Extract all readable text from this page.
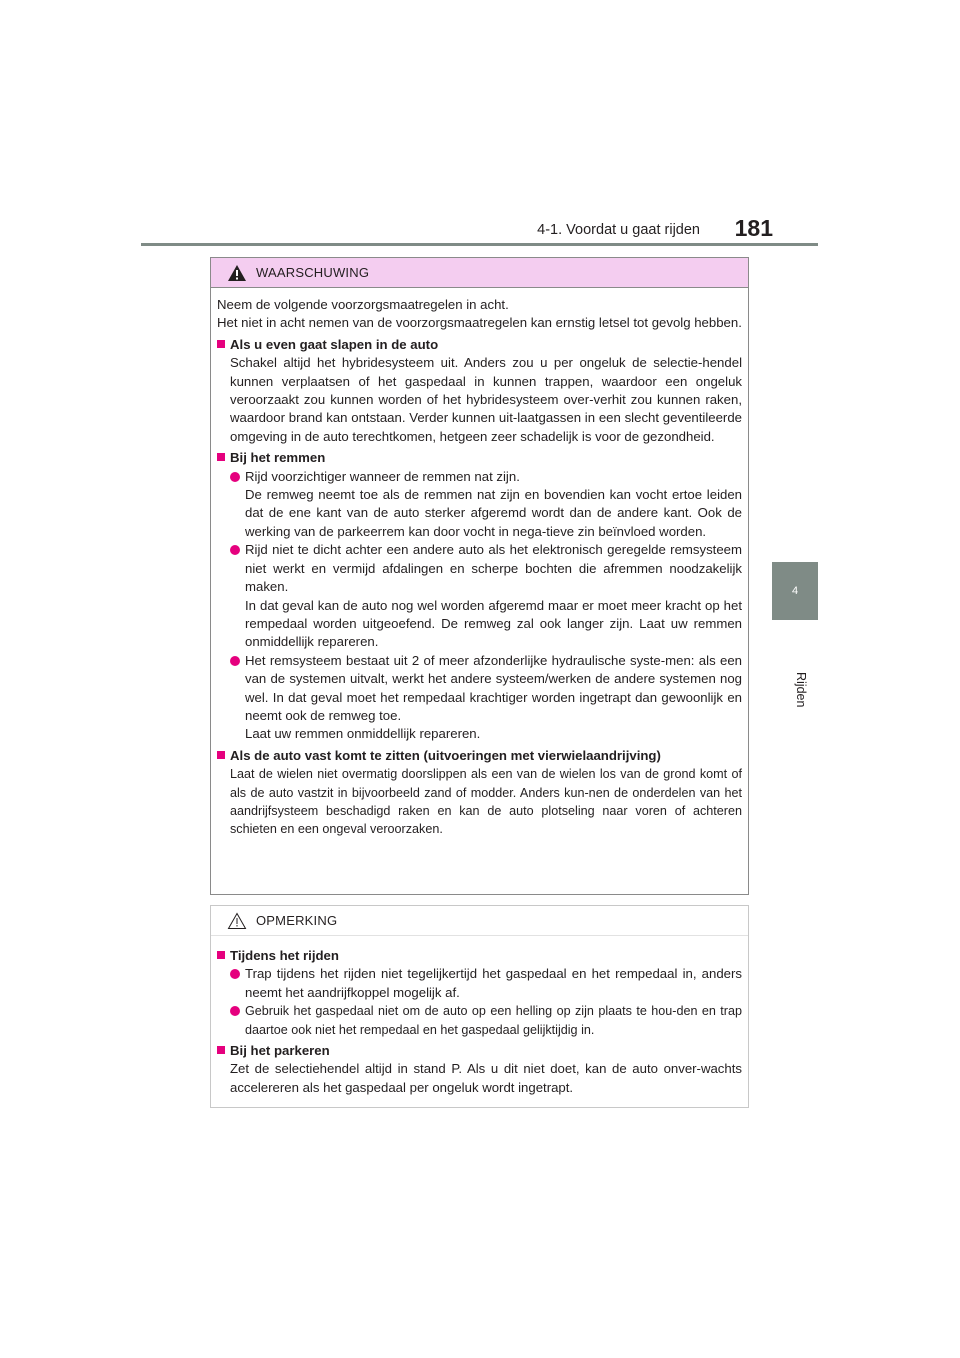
4-1. Voordat u gaat rijden	181
4
Rijden
WAARSCHUWING

Neem de volgende voorzorgsmaatregelen in acht.
Het niet in acht nemen van de voorzorgsmaatregelen kan ernstig letsel tot gevolg hebben.

Als u even gaat slapen in de auto

Schakel altijd het hybridesysteem uit. Anders zou u per ongeluk de selectie-hendel kunnen verplaatsen of het gaspedaal in kunnen trappen, waardoor een ongeluk veroorzaakt zou kunnen worden of het hybridesysteem over-verhit zou kunnen raken, waardoor brand kan ontstaan. Verder kunnen uit-laatgassen in een slecht geventileerde omgeving in de auto terechtkomen, hetgeen zeer schadelijk is voor de gezondheid.

Bij het remmen

Rijd voorzichtiger wanneer de remmen nat zijn.

De remweg neemt toe als de remmen nat zijn en bovendien kan vocht ertoe leiden dat de ene kant van de auto sterker afgeremd wordt dan de andere kant. Ook de werking van de parkeerrem kan door vocht in nega-tieve zin beïnvloed worden.

Rijd niet te dicht achter een andere auto als het elektronisch geregelde remsysteem niet werkt en vermijd afdalingen en scherpe bochten die afremmen noodzakelijk maken.

In dat geval kan de auto nog wel worden afgeremd maar er moet meer kracht op het rempedaal worden uitgeoefend. De remweg zal ook langer zijn. Laat uw remmen onmiddellijk repareren.

Het remsysteem bestaat uit 2 of meer afzonderlijke hydraulische syste-men: als een van de systemen uitvalt, werkt het andere systeem/werken de andere systemen nog wel. In dat geval moet het rempedaal krachtiger worden ingetrapt dan gewoonlijk en neemt ook de remweg toe.

Laat uw remmen onmiddellijk repareren.

Als de auto vast komt te zitten (uitvoeringen met vierwielaandrijving)

Laat de wielen niet overmatig doorslippen als een van de wielen los van de grond komt of als de auto vastzit in bijvoorbeeld zand of modder. Anders kun-nen de onderdelen van het aandrijfsysteem beschadigd raken en kan de auto plotseling naar voren of achteren schieten en een ongeval veroorzaken.

OPMERKING
Tijdens het rijden

Trap tijdens het rijden niet tegelijkertijd het gaspedaal en het rempedaal in, anders neemt het aandrijfkoppel mogelijk af.

Gebruik het gaspedaal niet om de auto op een helling op zijn plaats te hou-den en trap daartoe ook niet het rempedaal en het gaspedaal gelijktijdig in.

Bij het parkeren

Zet de selectiehendel altijd in stand P. Als u dit niet doet, kan de auto onver-wachts accelereren als het gaspedaal per ongeluk wordt ingetrapt.
